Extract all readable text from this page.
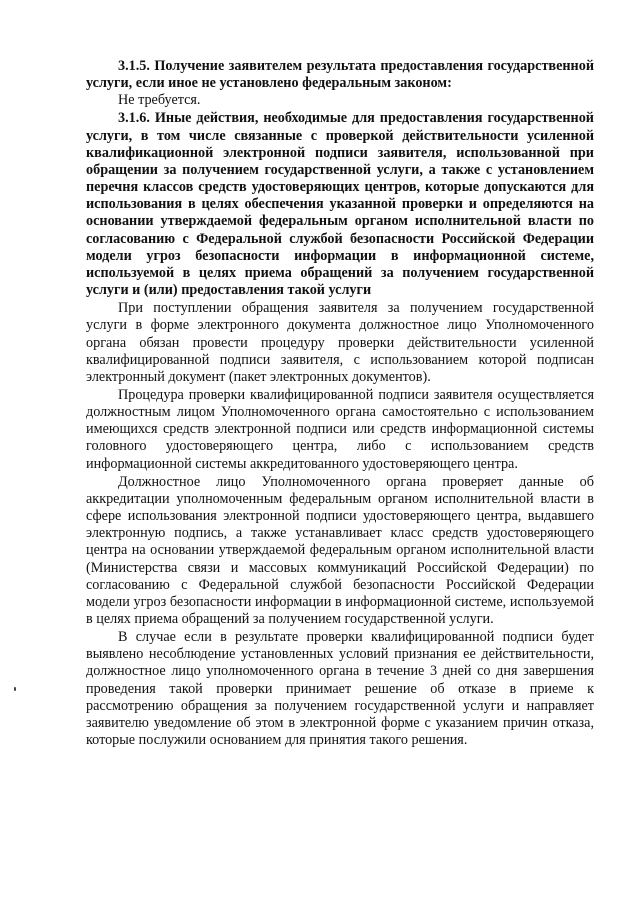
3.1.5. Получение заявителем результата предоставления государственной услуги, если иное не установлено федеральным законом:

Не требуется.

3.1.6. Иные действия, необходимые для предоставления государственной услуги, в том числе связанные с проверкой действительности усиленной квалификационной электронной подписи заявителя, использованной при обращении за получением государственной услуги, а также с установлением перечня классов средств удостоверяющих центров, которые допускаются для использования в целях обеспечения указанной проверки и определяются на основании утверждаемой федеральным органом исполнительной власти по согласованию с Федеральной службой безопасности Российской Федерации модели угроз безопасности информации в информационной системе, используемой в целях приема обращений за получением государственной услуги и (или) предоставления такой услуги

При поступлении обращения заявителя за получением государственной услуги в форме электронного документа должностное лицо Уполномоченного органа обязан провести процедуру проверки действительности усиленной квалифицированной подписи заявителя, с использованием которой подписан электронный документ (пакет электронных документов).

Процедура проверки квалифицированной подписи заявителя осуществляется должностным лицом Уполномоченного органа самостоятельно с использованием имеющихся средств электронной подписи или средств информационной системы головного удостоверяющего центра, либо с использованием средств информационной системы аккредитованного удостоверяющего центра.

Должностное лицо Уполномоченного органа проверяет данные об аккредитации уполномоченным федеральным органом исполнительной власти в сфере использования электронной подписи удостоверяющего центра, выдавшего электронную подпись, а также устанавливает класс средств удостоверяющего центра на основании утверждаемой федеральным органом исполнительной власти (Министерства связи и массовых коммуникаций Российской Федерации) по согласованию с Федеральной службой безопасности Российской Федерации модели угроз безопасности информации в информационной системе, используемой в целях приема обращений за получением государственной услуги.

В случае если в результате проверки квалифицированной подписи будет выявлено несоблюдение установленных условий признания ее действительности, должностное лицо уполномоченного органа в течение 3 дней со дня завершения проведения такой проверки принимает решение об отказе в приеме к рассмотрению обращения за получением государственной услуги и направляет заявителю уведомление об этом в электронной форме с указанием причин отказа, которые послужили основанием для принятия такого решения.
